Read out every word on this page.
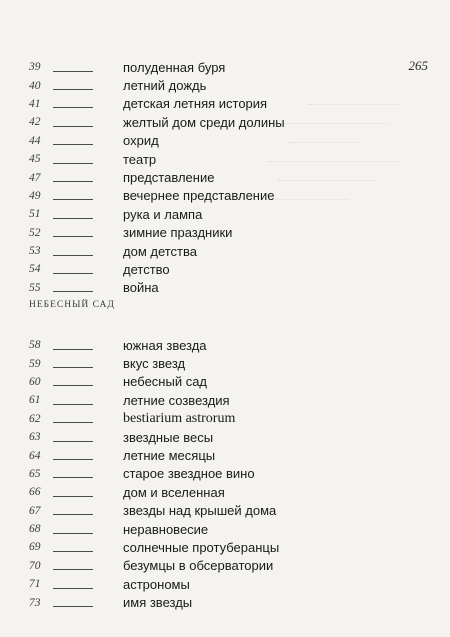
265
39	полуденная буря
40	летний дождь
41	детская летняя история
42	желтый дом среди долины
44	охрид
45	театр
47	представление
49	вечернее представление
51	рука и лампа
52	зимние праздники
53	дом детства
54	детство
55	война
НЕБЕСНЫЙ САД
58	южная звезда
59	вкус звезд
60	небесный сад
61	летние созвездия
62	bestiarium astrorum
63	звездные весы
64	летние месяцы
65	старое звездное вино
66	дом и вселенная
67	звезды над крышей дома
68	неравновесие
69	солнечные протуберанцы
70	безумцы в обсерватории
71	астрономы
73	имя звезды
